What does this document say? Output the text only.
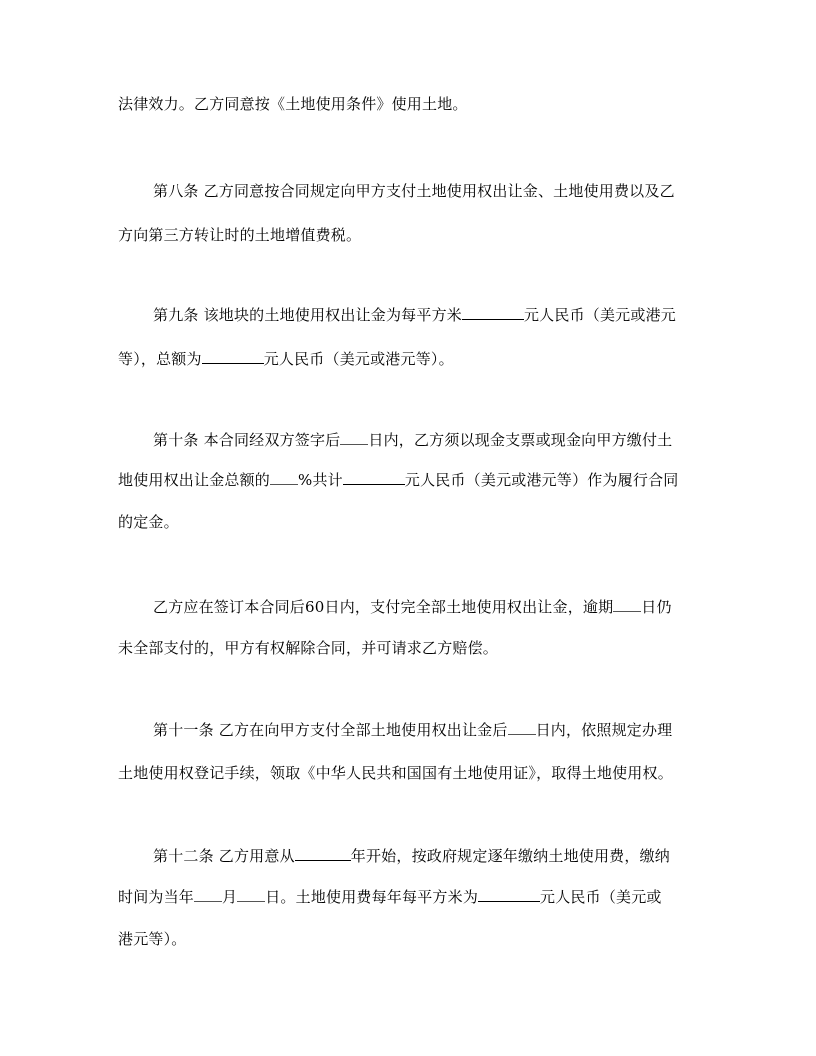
法律效力。乙方同意按《土地使用条件》使用土地。
第八条 乙方同意按合同规定向甲方支付土地使用权出让金、土地使用费以及乙
方向第三方转让时的土地增值费税。
第九条 该地块的土地使用权出让金为每平方米	元人民币（美元或港元
等），总额为	元人民币（美元或港元等）。
第十条 本合同经双方签字后 日内，乙方须以现金支票或现金向甲方缴付土
地使用权出让金总额的 %共计	元人民币（美元或港元等）作为履行合同
的定金。
乙方应在签订本合同后60日内，支付完全部土地使用权出让金，逾期 日仍
未全部支付的，甲方有权解除合同，并可请求乙方赔偿。
第十一条 乙方在向甲方支付全部土地使用权出让金后 日内，依照规定办理
土地使用权登记手续，领取《中华人民共和国国有土地使用证》，取得土地使用权。
第十二条 乙方用意从	年开始，按政府规定逐年缴纳土地使用费，缴纳
时间为当年 月 日。土地使用费每年每平方米为	元人民币（美元或
港元等）。
